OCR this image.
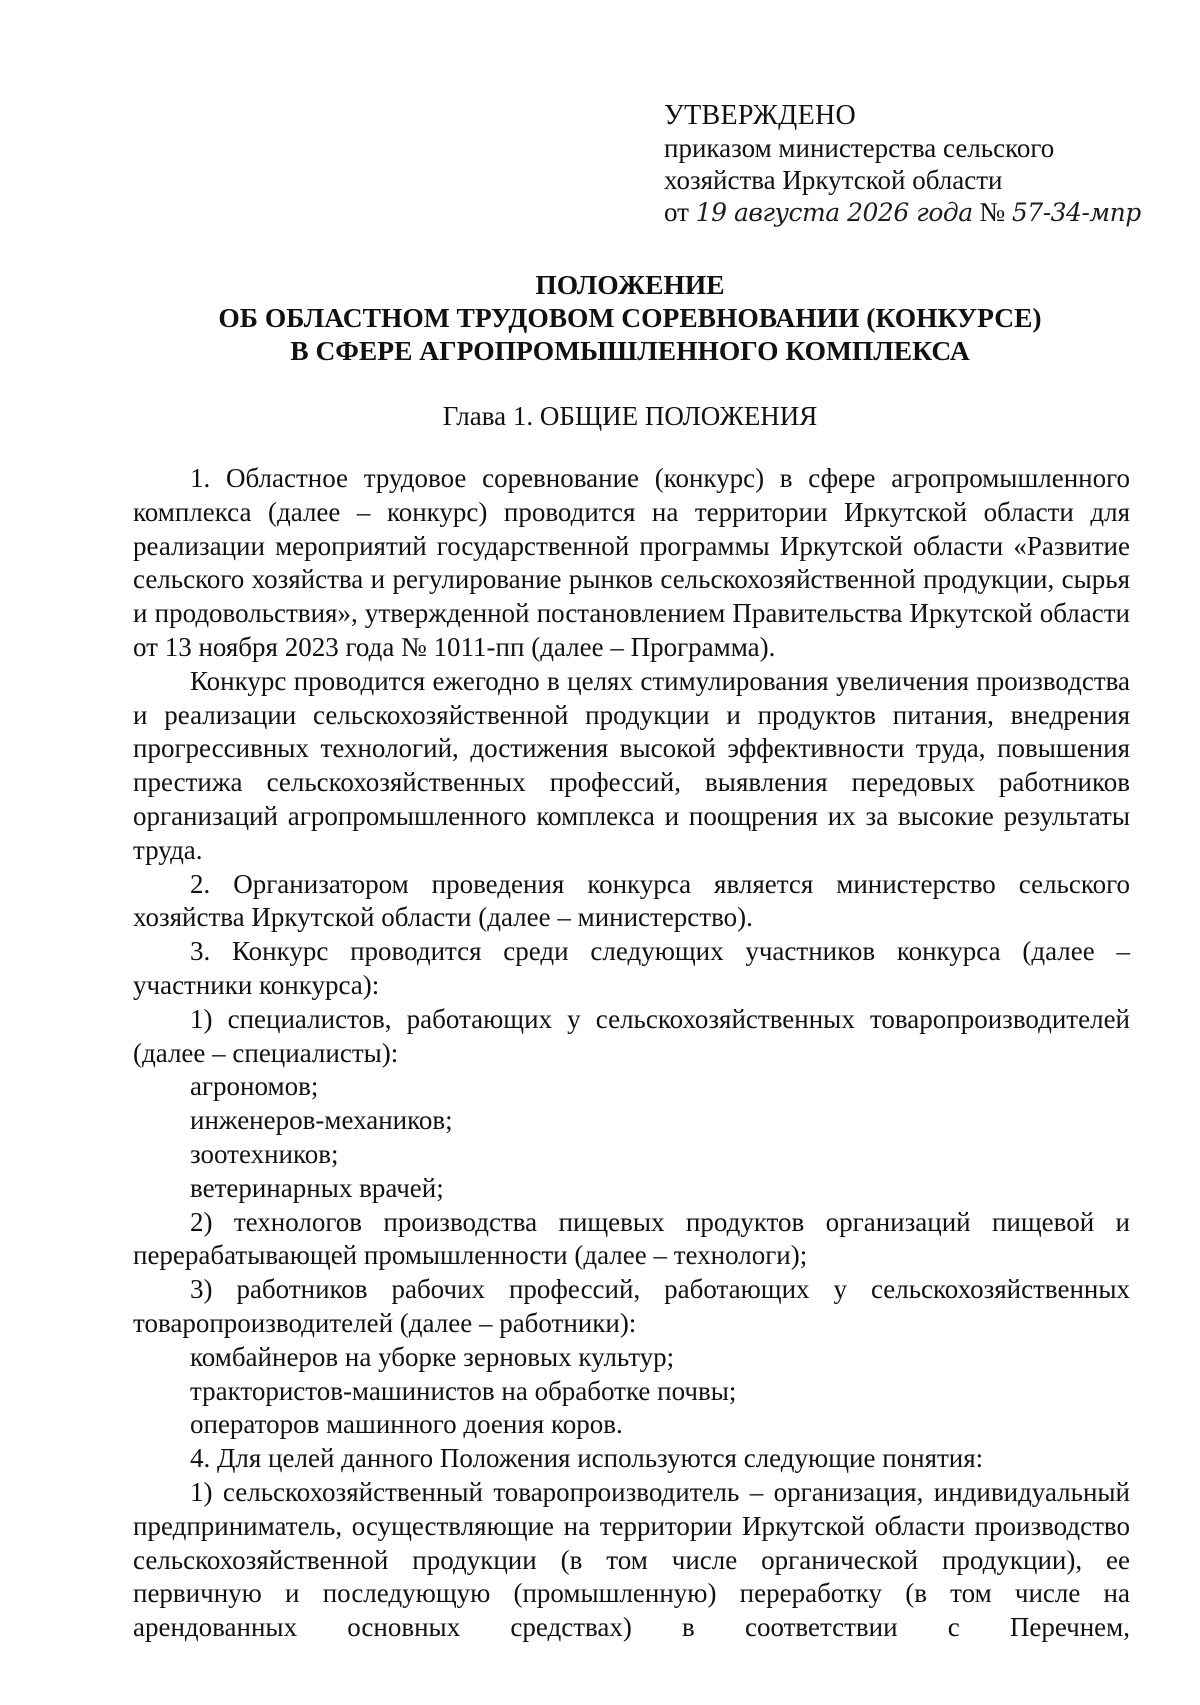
УТВЕРЖДЕНО
приказом министерства сельского
хозяйства Иркутской области
от 19 августа 2026 года № 57-34-мпр
ПОЛОЖЕНИЕ
ОБ ОБЛАСТНОМ ТРУДОВОМ СОРЕВНОВАНИИ (КОНКУРСЕ)
В СФЕРЕ АГРОПРОМЫШЛЕННОГО КОМПЛЕКСА
Глава 1. ОБЩИЕ ПОЛОЖЕНИЯ

1. Областное трудовое соревнование (конкурс) в сфере агропромышленного комплекса (далее – конкурс) проводится на территории Иркутской области для реализации мероприятий государственной программы Иркутской области «Развитие сельского хозяйства и регулирование рынков сельскохозяйственной продукции, сырья и продовольствия», утвержденной постановлением Правительства Иркутской области от 13 ноября 2023 года № 1011-пп (далее – Программа).

Конкурс проводится ежегодно в целях стимулирования увеличения производства и реализации сельскохозяйственной продукции и продуктов питания, внедрения прогрессивных технологий, достижения высокой эффективности труда, повышения престижа сельскохозяйственных профессий, выявления передовых работников организаций агропромышленного комплекса и поощрения их за высокие результаты труда.

2. Организатором проведения конкурса является министерство сельского хозяйства Иркутской области (далее – министерство).

3. Конкурс проводится среди следующих участников конкурса (далее – участники конкурса):

1) специалистов, работающих у сельскохозяйственных товаропроизводителей (далее – специалисты):

агрономов;

инженеров-механиков;

зоотехников;

ветеринарных врачей;

2) технологов производства пищевых продуктов организаций пищевой и перерабатывающей промышленности (далее – технологи);

3) работников рабочих профессий, работающих у сельскохозяйственных товаропроизводителей (далее – работники):

комбайнеров на уборке зерновых культур;

трактористов-машинистов на обработке почвы;

операторов машинного доения коров.

4. Для целей данного Положения используются следующие понятия:

1) сельскохозяйственный товаропроизводитель – организация, индивидуальный предприниматель, осуществляющие на территории Иркутской области производство сельскохозяйственной продукции (в том числе органической продукции), ее первичную и последующую (промышленную) переработку (в том числе на арендованных основных средствах) в соответствии с Перечнем,
